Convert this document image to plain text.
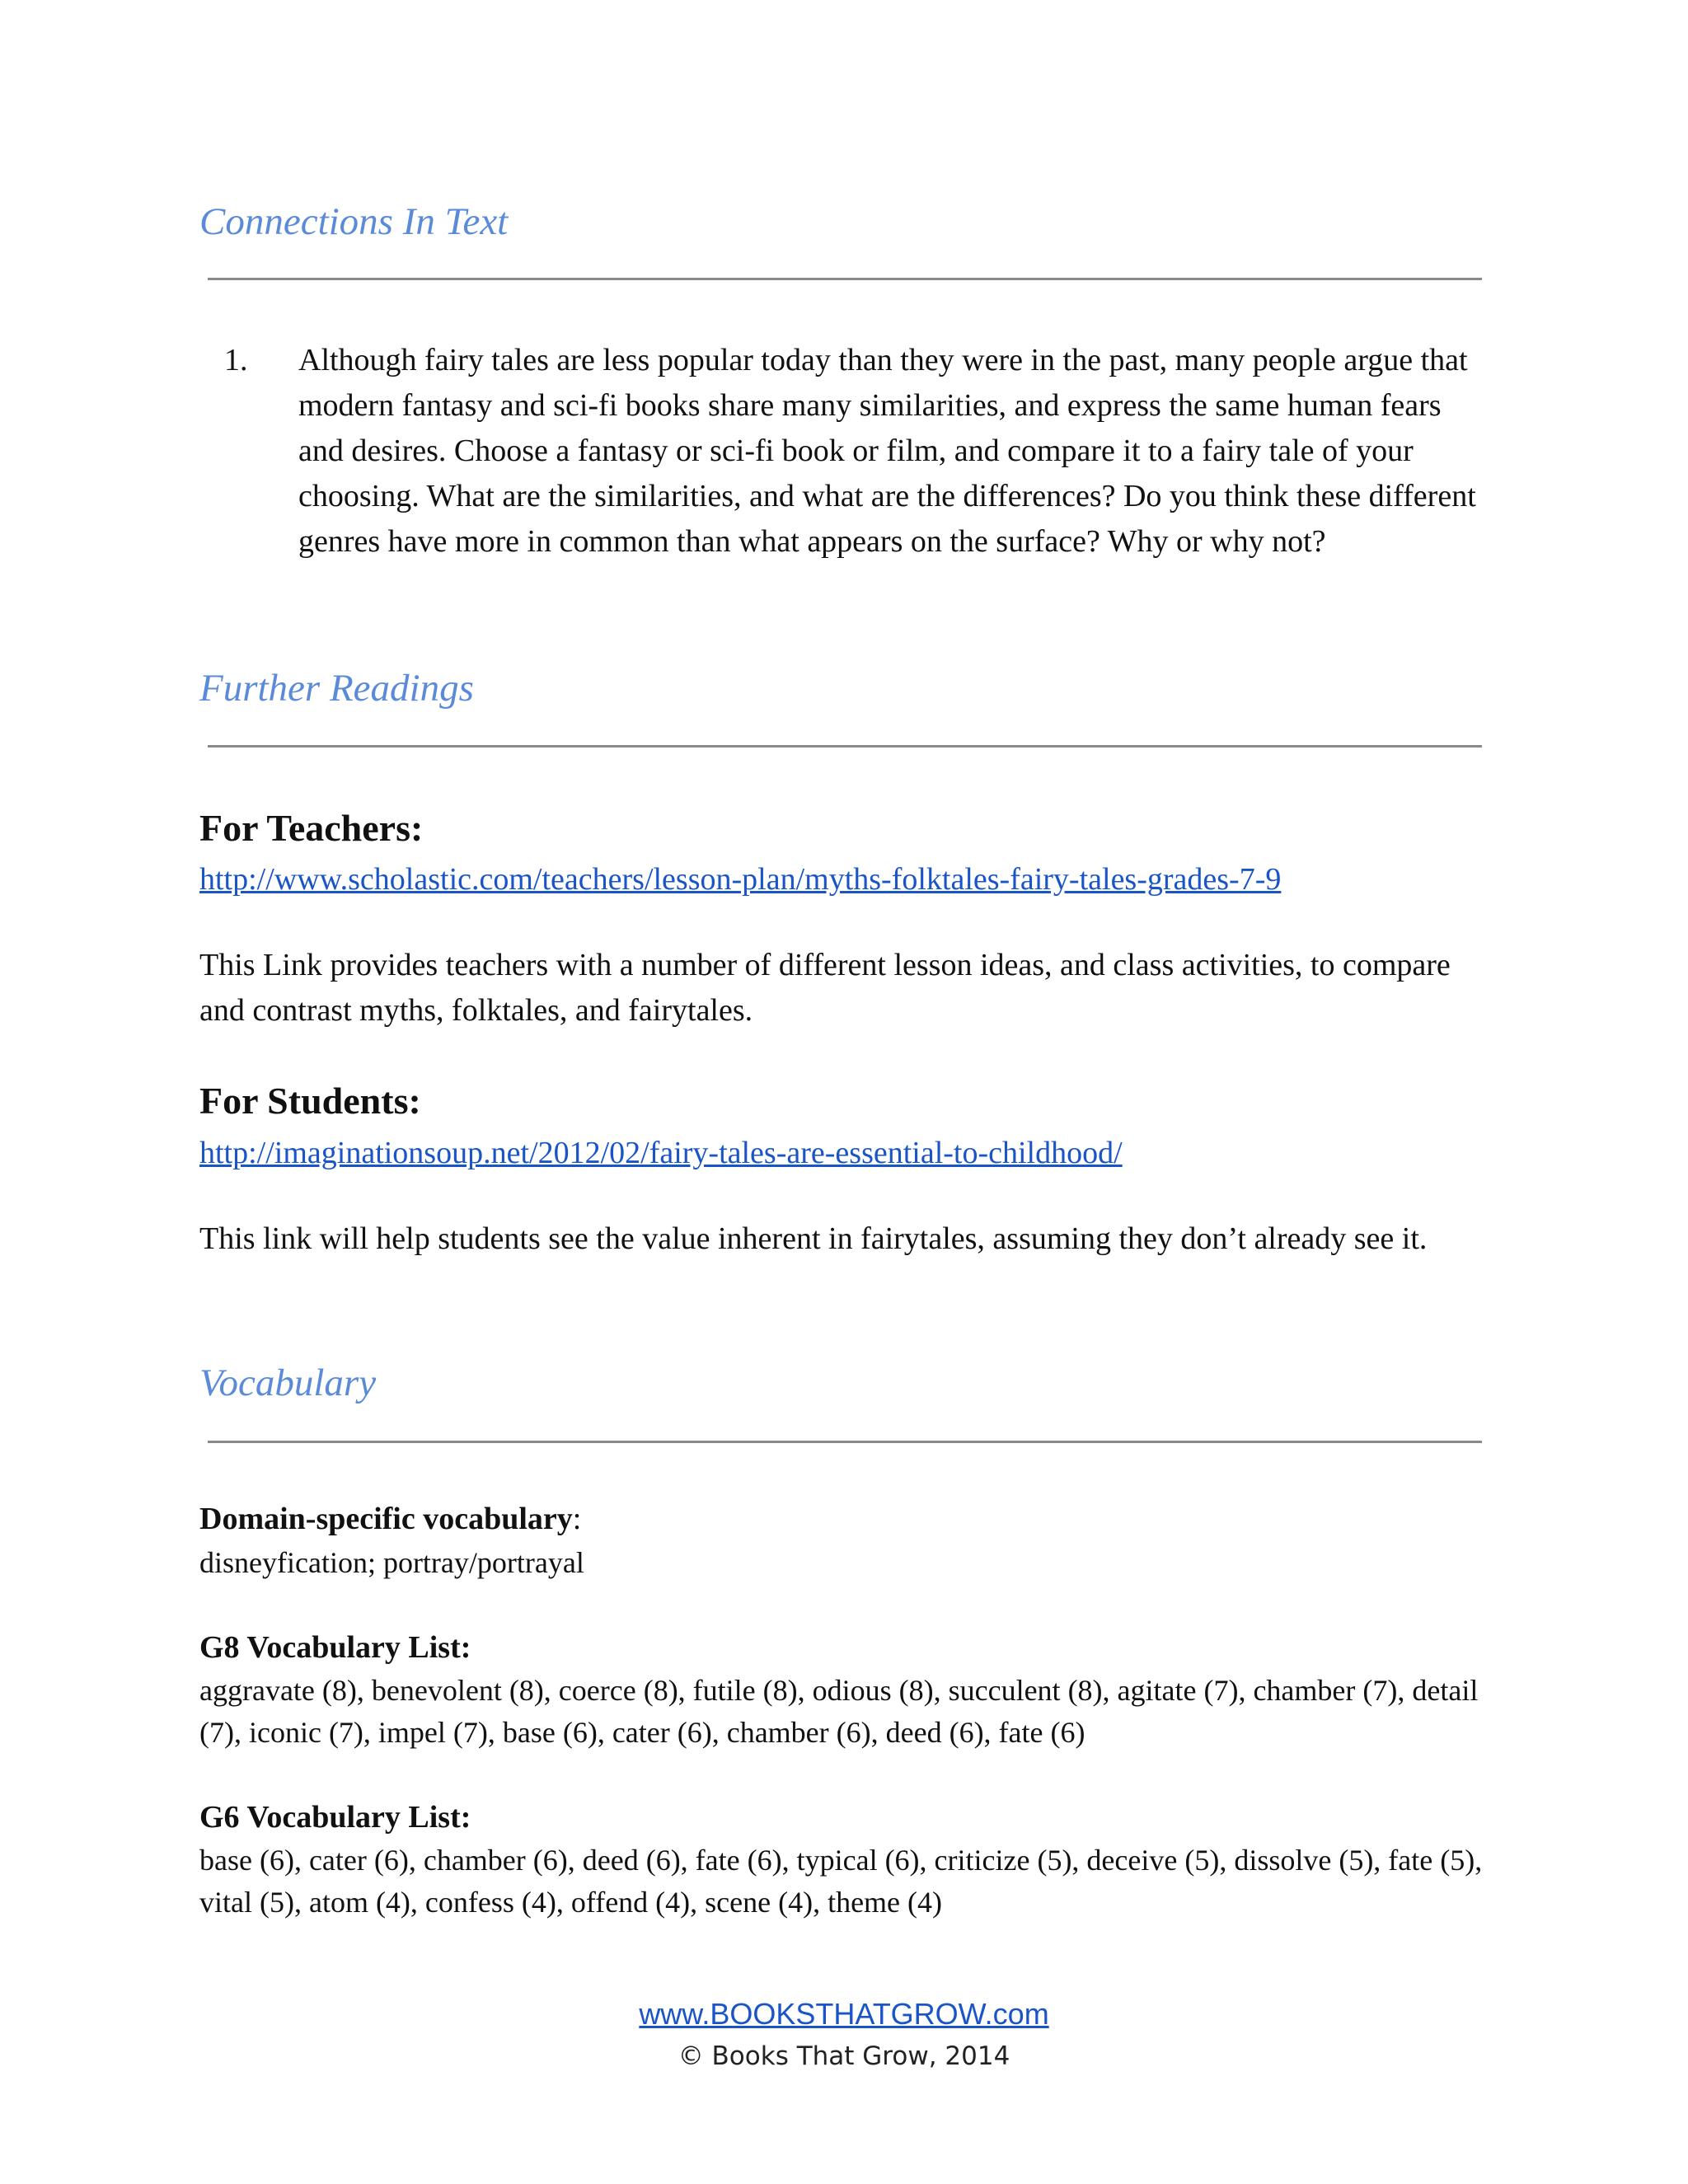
Connections In Text
1.	Although fairy tales are less popular today than they were in the past, many people argue that modern fantasy and sci-fi books share many similarities, and express the same human fears and desires. Choose a fantasy or sci-fi book or film, and compare it to a fairy tale of your choosing. What are the similarities, and what are the differences? Do you think these different genres have more in common than what appears on the surface? Why or why not?
Further Readings
For Teachers:
http://www.scholastic.com/teachers/lesson-plan/myths-folktales-fairy-tales-grades-7-9

This Link provides teachers with a number of different lesson ideas, and class activities, to compare and contrast myths, folktales, and fairytales.

For Students:
http://imaginationsoup.net/2012/02/fairy-tales-are-essential-to-childhood/

This link will help students see the value inherent in fairytales, assuming they don’t already see it.

Vocabulary

Domain-specific vocabulary:

disneyfication; portray/portrayal

G8 Vocabulary List:

aggravate (8), benevolent (8), coerce (8), futile (8), odious (8), succulent (8), agitate (7), chamber (7), detail (7), iconic (7), impel (7), base (6), cater (6), chamber (6), deed (6), fate (6)

G6 Vocabulary List:

base (6), cater (6), chamber (6), deed (6), fate (6), typical (6), criticize (5), deceive (5), dissolve (5), fate (5), vital (5), atom (4), confess (4), offend (4), scene (4), theme (4)

www.BOOKSTHATGROW.com
© Books That Grow, 2014
